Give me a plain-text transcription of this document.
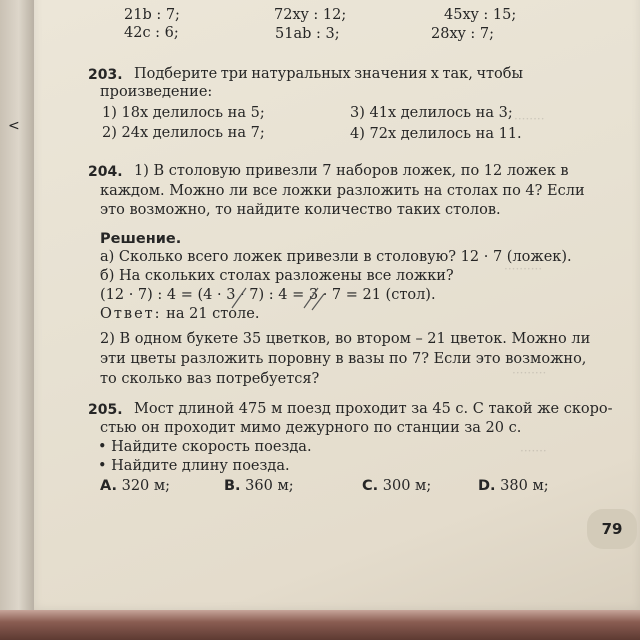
<	········
··········
·········
·······
21b : 7;	72xy : 12;	45xy : 15;
42c : 6;	51ab : 3;	28xy : 7;
203. Подберите три натуральных значения x так, чтобы
произведение:
1) 18x делилось на 5;
2) 24x делилось на 7;
3) 41x делилось на 3;
4) 72x делилось на 11.
204. 1) В столовую привезли 7 наборов ложек, по 12 ложек в
каждом. Можно ли все ложки разложить на столах по 4? Если
это возможно, то найдите количество таких столов.
Решение.
а) Сколько всего ложек привезли в столовую? 12 · 7 (ложек).
б) На скольких столах разложены все ложки?
(12 · 7) : 4 = (4 · 3 · 7) : 4 = 3 · 7 = 21 (стол).
Ответ: на 21 столе.
2) В одном букете 35 цветков, во втором – 21 цветок. Можно ли
эти цветы разложить поровну в вазы по 7? Если это возможно,
то сколько ваз потребуется?
205. Мост длиной 475 м поезд проходит за 45 с. С такой же скоро-
стью он проходит мимо дежурного по станции за 20 с.
• Найдите скорость поезда.
• Найдите длину поезда.
A. 320 м;	B. 360 м;	C. 300 м;	D. 380 м;
79
